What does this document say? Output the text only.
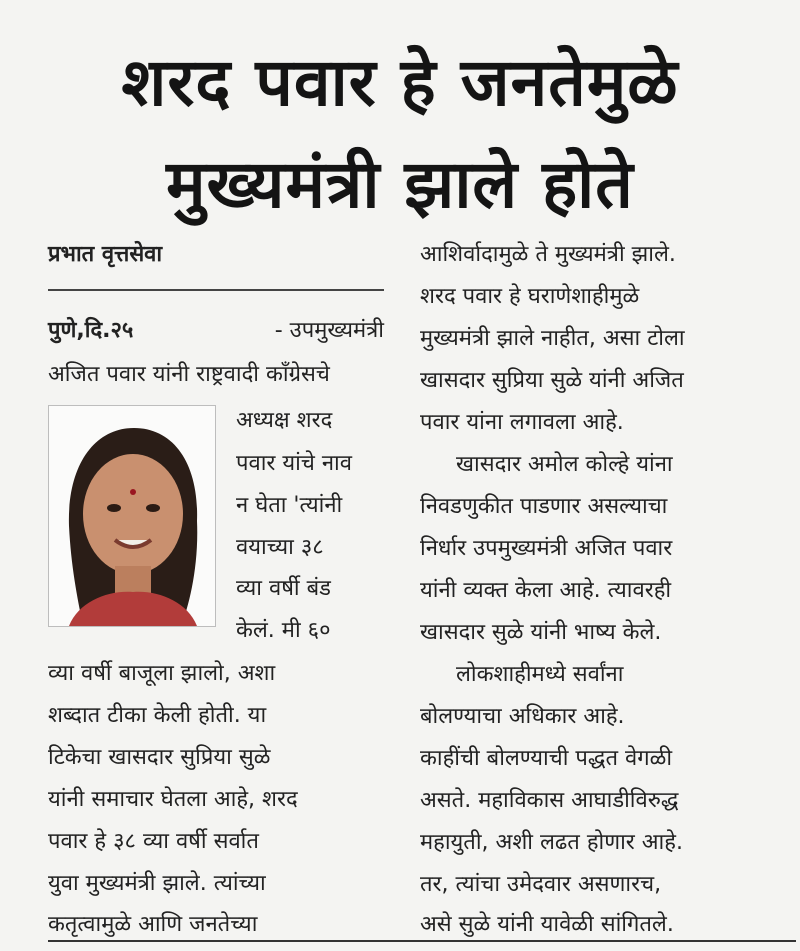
शरद पवार हे जनतेमुळे
मुख्यमंत्री झाले होते
प्रभात वृत्तसेवा
पुणे,दि.२५	- उपमुख्यमंत्री
अजित पवार यांनी राष्ट्रवादी काँग्रेसचे
अध्यक्ष शरद
पवार यांचे नाव
न घेता 'त्यांनी
वयाच्या ३८
व्या वर्षी बंड
केलं. मी ६०
व्या वर्षी बाजूला झालो, अशा
शब्दात टीका केली होती. या
टिकेचा खासदार सुप्रिया सुळे
यांनी समाचार घेतला आहे, शरद
पवार हे ३८ व्या वर्षी सर्वात
युवा मुख्यमंत्री झाले. त्यांच्या
कतृत्वामुळे आणि जनतेच्या
आशिर्वादामुळे ते मुख्यमंत्री झाले.
शरद पवार हे घराणेशाहीमुळे
मुख्यमंत्री झाले नाहीत, असा टोला
खासदार सुप्रिया सुळे यांनी अजित
पवार यांना लगावला आहे.
खासदार अमोल कोल्हे यांना
निवडणुकीत पाडणार असल्याचा
निर्धार उपमुख्यमंत्री अजित पवार
यांनी व्यक्त केला आहे. त्यावरही
खासदार सुळे यांनी भाष्य केले.
लोकशाहीमध्ये सर्वांना
बोलण्याचा अधिकार आहे.
काहींची बोलण्याची पद्धत वेगळी
असते. महाविकास आघाडीविरुद्ध
महायुती, अशी लढत होणार आहे.
तर, त्यांचा उमेदवार असणारच,
असे सुळे यांनी यावेळी सांगितले.
